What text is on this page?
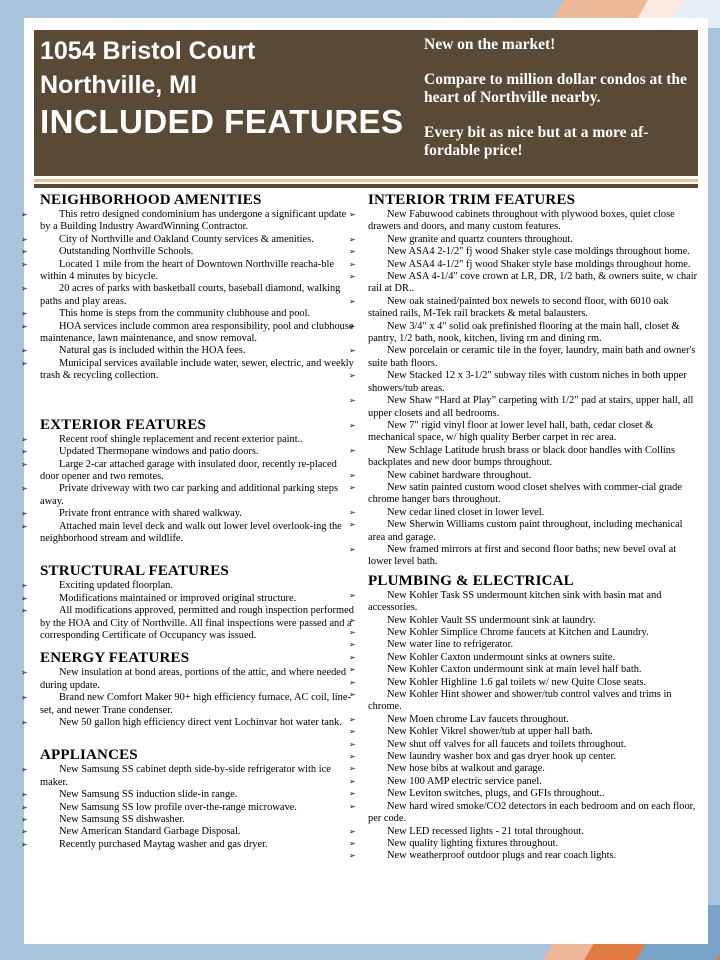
1054 Bristol Court
Northville, MI
INCLUDED FEATURES

New on the market!

Compare to million dollar condos at the heart of Northville nearby.

Every bit as nice but at a more af-fordable price!

NEIGHBORHOOD AMENITIES
➢ This retro designed condominium has undergone a significant update by a Building Industry AwardWinning Contractor.
➢ City of Northville and Oakland County services & amenities.
➢ Outstanding Northville Schools.
➢ Located 1 mile from the heart of Downtown Northville reacha-ble within 4 minutes by bicycle.
➢ 20 acres of parks with basketball courts, baseball diamond, walking paths and play areas.
➢ This home is steps from the community clubhouse and pool.
➢ HOA services include common area responsibility, pool and clubhouse maintenance, lawn maintenance, and snow removal.
➢ Natural gas is included within the HOA fees.
➢ Municipal services available include water, sewer, electric, and weekly trash & recycling collection.
EXTERIOR FEATURES
➢ Recent roof shingle replacement and recent exterior paint..
➢ Updated Thermopane windows and patio doors.
➢ Large 2-car attached garage with insulated door, recently re-placed door opener and two remotes.
➢ Private driveway with two car parking and additional parking steps away.
➢ Private front entrance with shared walkway.
➢ Attached main level deck and walk out lower level overlook-ing the neighborhood stream and wildlife.
STRUCTURAL FEATURES
➢ Exciting updated floorplan.
➢ Modifications maintained or improved original structure.
➢ All modifications approved, permitted and rough inspection performed by the HOA and City of Northville. All final inspections were passed and a corresponding Certificate of Occupancy was issued.
ENERGY FEATURES
➢ New insulation at bond areas, portions of the attic, and where needed during update.
➢ Brand new Comfort Maker 90+ high efficiency furnace, AC coil, line-set, and newer Trane condenser.
➢ New 50 gallon high efficiency direct vent Lochinvar hot water tank.
APPLIANCES
➢ New Samsung SS cabinet depth side-by-side refrigerator with ice maker.
➢ New Samsung SS induction slide-in range.
➢ New Samsung SS low profile over-the-range microwave.
➢ New Samsung SS dishwasher.
➢ New American Standard Garbage Disposal.
➢ Recently purchased Maytag washer and gas dryer.
INTERIOR TRIM FEATURES
➢ New Fabuwood cabinets throughout with plywood boxes, quiet close drawers and doors, and many custom features.
➢ New granite and quartz counters throughout.
➢ New ASA4 2-1/2" fj wood Shaker style case moldings throughout home.
➢ New ASA4 4-1/2" fj wood Shaker style base moldings throughout home.
➢ New ASA 4-1/4" cove crown at LR, DR, 1/2 bath, & owners suite, w chair rail at DR..
➢ New oak stained/painted box newels to second floor, with 6010 oak stained rails, M-Tek rail brackets & metal balausters.
➢ New 3/4" x 4" solid oak prefinished flooring at the main hall, closet & pantry, 1/2 bath, nook, kitchen, living rm and dining rm.
➢ New porcelain or ceramic tile in the foyer, laundry, main bath and owner's suite bath floors.
➢ New Stacked 12 x 3-1/2" subway tiles with custom niches in both upper showers/tub areas.
➢ New Shaw “Hard at Play” carpeting with 1/2" pad at stairs, upper hall, all upper closets and all bedrooms.
➢ New 7" rigid vinyl floor at lower level hall, bath, cedar closet & mechanical space, w/ high quality Berber carpet in rec area.
➢ New Schlage Latitude brush brass or black door handles with Collins backplates and new door bumps throughout.
➢ New cabinet hardware throughout.
➢ New satin painted custom wood closet shelves with commer-cial grade chrome hanger bars throughout.
➢ New cedar lined closet in lower level.
➢ New Sherwin Williams custom paint throughout, including mechanical area and garage.
➢ New framed mirrors at first and second floor baths; new bevel oval at lower level bath.
PLUMBING & ELECTRICAL
➢ New Kohler Task SS undermount kitchen sink with basin mat and accessories.
➢ New Kohler Vault SS undermount sink at laundry.
➢ New Kohler Simplice Chrome faucets at Kitchen and Laundry.
➢ New water line to refrigerator.
➢ New Kohler Caxton undermount sinks at owners suite.
➢ New Kohler Caxton undermount sink at main level half bath.
➢ New Kohler Highline 1.6 gal toilets w/ new Quite Close seats.
➢ New Kohler Hint shower and shower/tub control valves and trims in chrome.
➢ New Moen chrome Lav faucets throughout.
➢ New Kohler Vikrel shower/tub at upper hall bath.
➢ New shut off valves for all faucets and toilets throughout.
➢ New laundry washer box and gas dryer hook up center.
➢ New hose bibs at walkout and garage.
➢ New 100 AMP electric service panel.
➢ New Leviton switches, plugs, and GFIs throughout..
➢ New hard wired smoke/CO2 detectors in each bedroom and on each floor, per code.
➢ New LED recessed lights - 21 total throughout.
➢ New quality lighting fixtures throughout.
➢ New weatherproof outdoor plugs and rear coach lights.
